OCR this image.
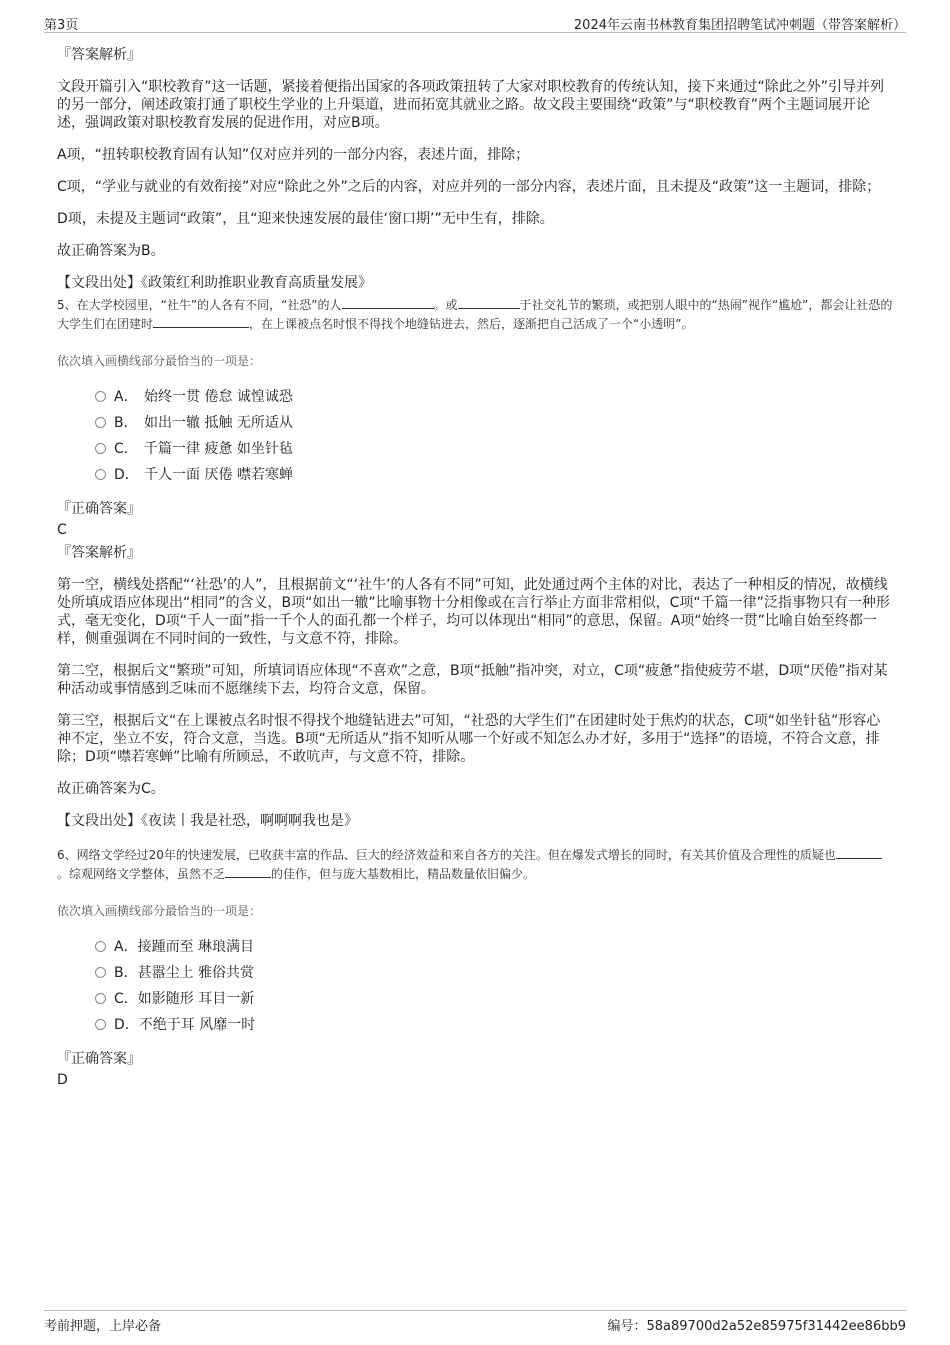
第3页	2024年云南书林教育集团招聘笔试冲刺题（带答案解析）
『答案解析』
文段开篇引入“职校教育”这一话题，紧接着便指出国家的各项政策扭转了大家对职校教育的传统认知，接下来通过“除此之外”引导并列的另一部分，阐述政策打通了职校生学业的上升渠道，进而拓宽其就业之路。故文段主要围绕“政策”与“职校教育”两个主题词展开论述，强调政策对职校教育发展的促进作用，对应B项。
A项，“扭转职校教育固有认知”仅对应并列的一部分内容，表述片面，排除；
C项，“学业与就业的有效衔接”对应“除此之外”之后的内容，对应并列的一部分内容，表述片面，且未提及“政策”这一主题词，排除；
D项，未提及主题词“政策”，且“迎来快速发展的最佳‘窗口期’”无中生有，排除。
故正确答案为B。
【文段出处】《政策红利助推职业教育高质量发展》
5、在大学校园里，“社牛”的人各有不同，“社恐”的人	。或	于社交礼节的繁琐，或把别人眼中的“热闹”视作“尴尬”，都会让社恐的大学生们在团建时	，在上课被点名时恨不得找个地缝钻进去，然后，逐渐把自己活成了一个“小透明”。
依次填入画横线部分最恰当的一项是：
A． 始终一贯 倦怠 诚惶诚恐
B． 如出一辙 抵触 无所适从
C． 千篇一律 疲惫 如坐针毡
D． 千人一面 厌倦 噤若寒蝉
『正确答案』
C
『答案解析』
第一空，横线处搭配“‘社恐’的人”，且根据前文“‘社牛’的人各有不同”可知，此处通过两个主体的对比，表达了一种相反的情况，故横线处所填成语应体现出“相同”的含义，B项“如出一辙”比喻事物十分相像或在言行举止方面非常相似，C项“千篇一律”泛指事物只有一种形式，毫无变化，D项“千人一面”指一千个人的面孔都一个样子，均可以体现出“相同”的意思，保留。A项“始终一贯”比喻自始至终都一样，侧重强调在不同时间的一致性，与文意不符，排除。
第二空，根据后文“繁琐”可知，所填词语应体现“不喜欢”之意，B项“抵触”指冲突，对立，C项“疲惫”指使疲劳不堪，D项“厌倦”指对某种活动或事情感到乏味而不愿继续下去，均符合文意，保留。
第三空，根据后文“在上课被点名时恨不得找个地缝钻进去”可知，“社恐的大学生们”在团建时处于焦灼的状态，C项“如坐针毡”形容心神不定，坐立不安，符合文意，当选。B项“无所适从”指不知听从哪一个好或不知怎么办才好，多用于“选择”的语境，不符合文意，排除；D项“噤若寒蝉”比喻有所顾忌，不敢吭声，与文意不符，排除。
故正确答案为C。
【文段出处】《夜读丨我是社恐，啊啊啊我也是》
6、网络文学经过20年的快速发展，已收获丰富的作品、巨大的经济效益和来自各方的关注。但在爆发式增长的同时，有关其价值及合理性的质疑也。综观网络文学整体，虽然不乏	的佳作，但与庞大基数相比，精品数量依旧偏少。
依次填入画横线部分最恰当的一项是：
A．接踵而至 琳琅满目
B．甚嚣尘上 雅俗共赏
C．如影随形 耳目一新
D．不绝于耳 风靡一时
『正确答案』
D
考前押题，上岸必备	编号：58a89700d2a52e85975f31442ee86bb9
